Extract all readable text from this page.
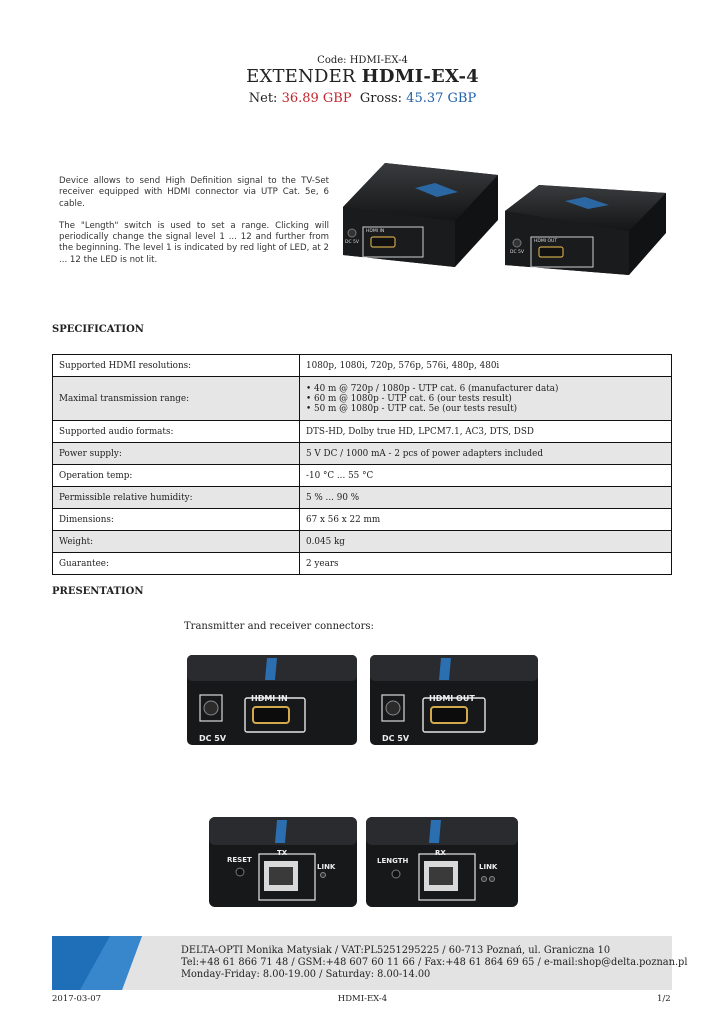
Code: HDMI-EX-4
EXTENDER HDMI-EX-4
Net: 36.89 GBP Gross: 45.37 GBP

Device allows to send High Definition signal to the TV-Set receiver equipped with HDMI connector via UTP Cat. 5e, 6 cable.

The "Length" switch is used to set a range. Clicking will periodically change the signal level 1 ... 12 and further from the beginning. The level 1 is indicated by red light of LED, at 2 ... 12 the LED is not lit.

HDMI IN
DC 5V	HDMI OUT
DC 5V
SPECIFICATION
Supported HDMI resolutions:	1080p, 1080i, 720p, 576p, 576i, 480p, 480i
Maximal transmission range:	• 40 m @ 720p / 1080p - UTP cat. 6 (manufacturer data)
• 60 m @ 1080p - UTP cat. 6 (our tests result)
• 50 m @ 1080p - UTP cat. 5e (our tests result)

Supported audio formats:	DTS-HD, Dolby true HD, LPCM7.1, AC3, DTS, DSD
Power supply:	5 V DC / 1000 mA - 2 pcs of power adapters included
Operation temp:	-10 °C ... 55 °C
Permissible relative humidity:	5 % ... 90 %
Dimensions:	67 x 56 x 22 mm
Weight:	0.045 kg
Guarantee:	2 years
PRESENTATION
Transmitter and receiver connectors:
HDMI IN
DC 5V
HDMI OUT
DC 5V
RESET
TX
LINK
LENGTH
RX
LINK
DELTA-OPTI Monika Matysiak / VAT:PL5251295225 / 60-713 Poznań, ul. Graniczna 10
Tel:+48 61 866 71 48 / GSM:+48 607 60 11 66 / Fax:+48 61 864 69 65 / e-mail:shop@delta.poznan.pl
Monday-Friday: 8.00-19.00 / Saturday: 8.00-14.00
2017-03-07	HDMI-EX-4	1/2
